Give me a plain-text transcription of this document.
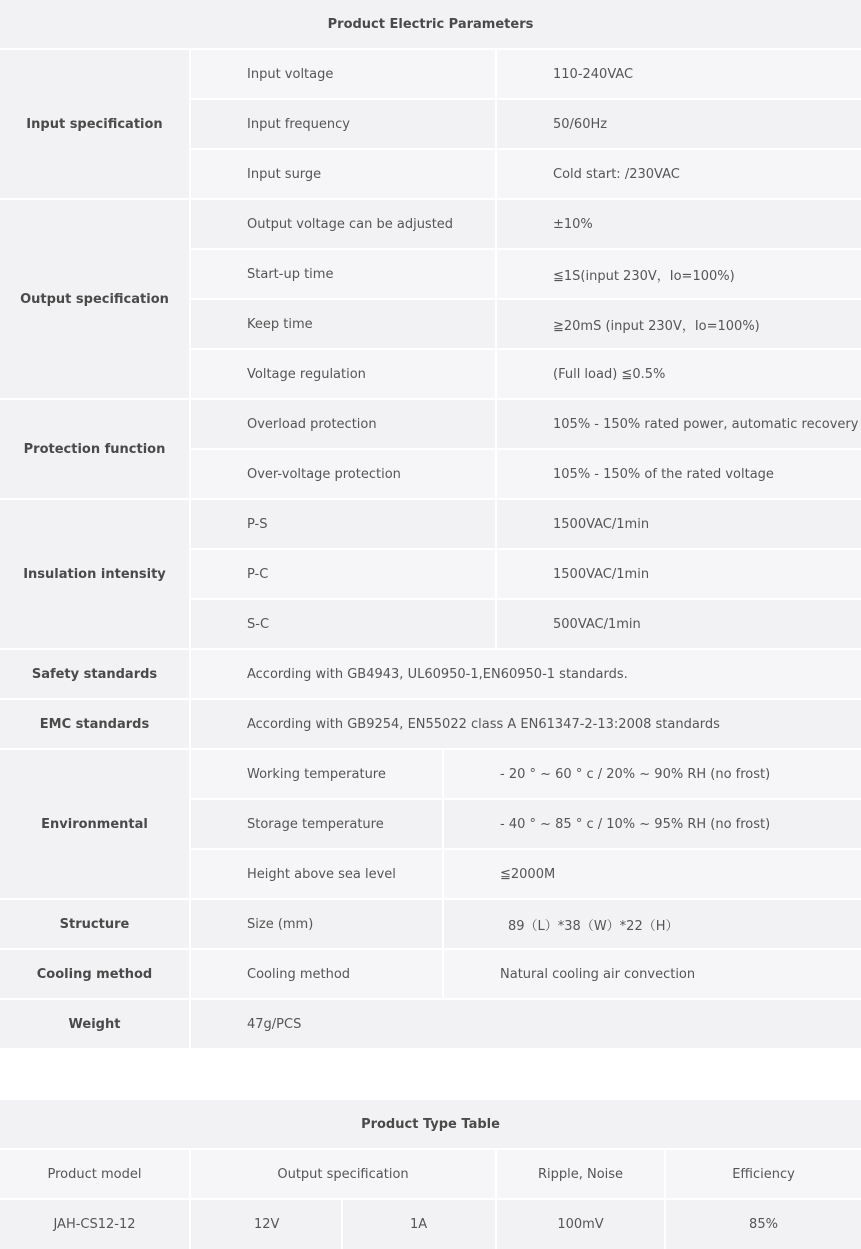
Product Electric Parameters
Input specification
Input voltage	110-240VAC
Input frequency	50/60Hz
Input surge	Cold start: /230VAC
Output specification
Output voltage can be adjusted	±10%
Start-up time	≦1S(input 230V，Io=100%)
Keep time	≧20mS (input 230V，Io=100%)
Voltage regulation	(Full load) ≦0.5%
Protection function
Overload protection	105% - 150% rated power, automatic recovery
Over-voltage protection	105% - 150% of the rated voltage
Insulation intensity
P-S	1500VAC/1min
P-C	1500VAC/1min
S-C	500VAC/1min
Safety standards	According with GB4943, UL60950-1,EN60950-1 standards.
EMC standards	According with GB9254, EN55022 class A EN61347-2-13:2008 standards
Environmental
Working temperature	- 20 ° ~ 60 ° c / 20% ~ 90% RH (no frost)
Storage temperature	- 40 ° ~ 85 ° c / 10% ~ 95% RH (no frost)
Height above sea level	≦2000M
Structure	Size (mm)	89（L）*38（W）*22（H）
Cooling method	Cooling method	Natural cooling air convection
Weight	47g/PCS
Product Type Table
Product model	Output specification	Ripple, Noise	Efficiency
JAH-CS12-12	12V	1A	100mV	85%
